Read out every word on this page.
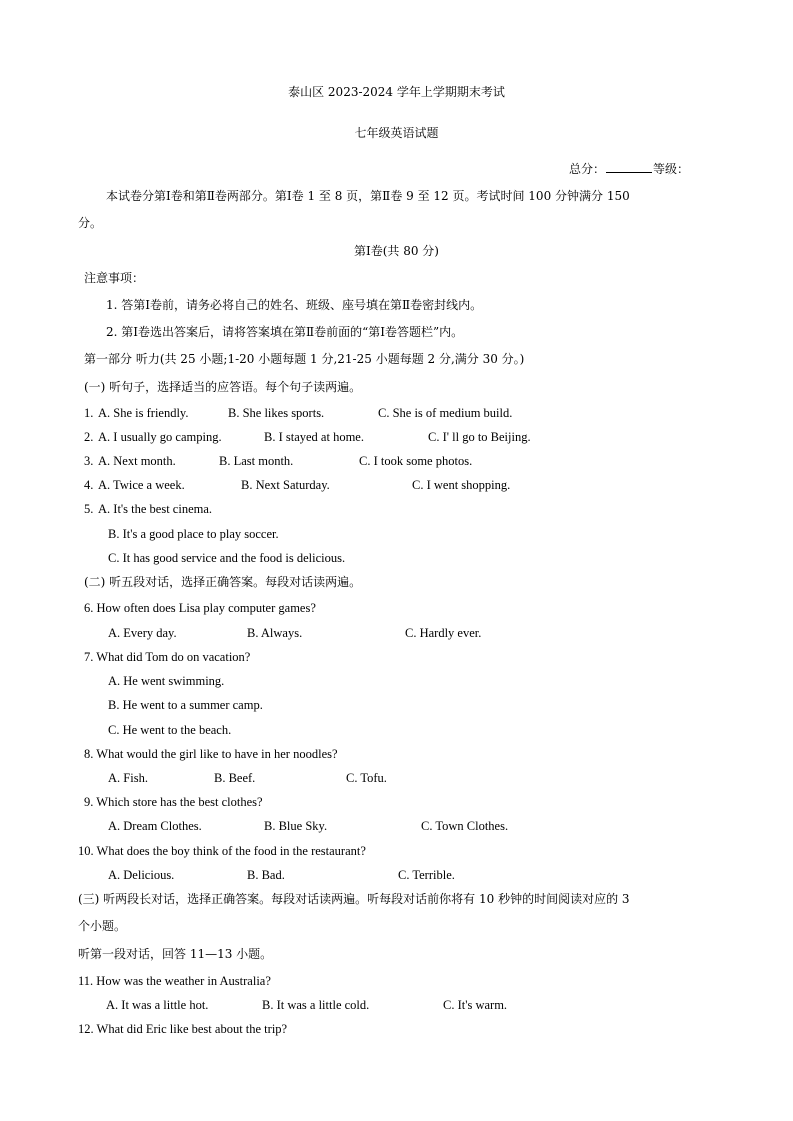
泰山区 2023-2024 学年上学期期末考试
七年级英语试题
总分：	等级：
本试卷分第Ⅰ卷和第Ⅱ卷两部分。第Ⅰ卷 1 至 8 页，第Ⅱ卷 9 至 12 页。考试时间 100 分钟满分 150
分。
第Ⅰ卷(共 80 分)
注意事项：
1. 答第Ⅰ卷前，请务必将自己的姓名、班级、座号填在第Ⅱ卷密封线内。
2. 第Ⅰ卷选出答案后，请将答案填在第Ⅱ卷前面的“第Ⅰ卷答题栏”内。
第一部分 听力(共 25 小题;1-20 小题每题 1 分,21-25 小题每题 2 分,满分 30 分。)
(一) 听句子，选择适当的应答语。每个句子读两遍。
1. A. She is friendly.	B. She likes sports.	C. She is of medium build.
2. A. I usually go camping.	B. I stayed at home.	C. I' ll go to Beijing.
3. A. Next month.	B. Last month.	C. I took some photos.
4. A. Twice a week.	B. Next Saturday.	C. I went shopping.
5. A. It's the best cinema.
B. It's a good place to play soccer.
C. It has good service and the food is delicious.
(二) 听五段对话，选择正确答案。每段对话读两遍。
6. How often does Lisa play computer games?
A. Every day.	B. Always.	C. Hardly ever.
7. What did Tom do on vacation?
A. He went swimming.
B. He went to a summer camp.
C. He went to the beach.
8. What would the girl like to have in her noodles?
A. Fish.	B. Beef.	C. Tofu.
9. Which store has the best clothes?
A. Dream Clothes.	B. Blue Sky.	C. Town Clothes.
10. What does the boy think of the food in the restaurant?
A. Delicious.	B. Bad.	C. Terrible.
(三) 听两段长对话，选择正确答案。每段对话读两遍。听每段对话前你将有 10 秒钟的时间阅读对应的 3
个小题。
听第一段对话，回答 11—13 小题。
11. How was the weather in Australia?
A. It was a little hot.	B. It was a little cold.	C. It's warm.
12. What did Eric like best about the trip?
